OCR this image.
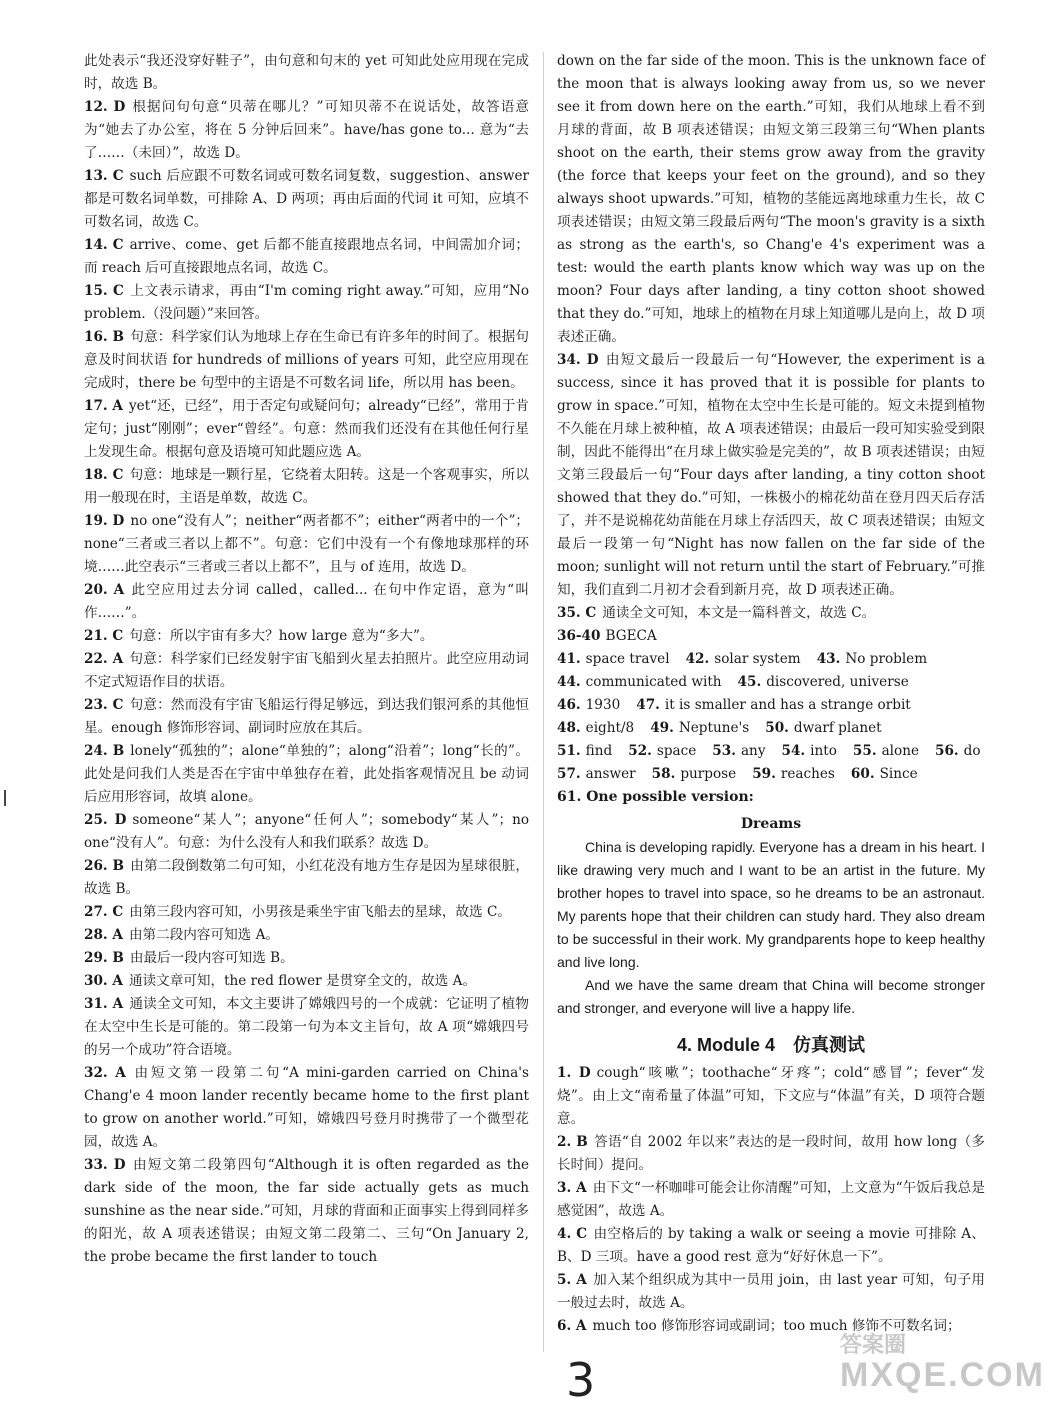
此处表示“我还没穿好鞋子”，由句意和句末的 yet 可知此处应用现在完成时，故选 B。

12. D 根据问句句意“贝蒂在哪儿？”可知贝蒂不在说话处，故答语意为“她去了办公室，将在 5 分钟后回来”。have/has gone to... 意为“去了……（未回）”，故选 D。

13. C such 后应跟不可数名词或可数名词复数，suggestion、answer 都是可数名词单数，可排除 A、D 两项；再由后面的代词 it 可知，应填不可数名词，故选 C。

14. C arrive、come、get 后都不能直接跟地点名词，中间需加介词；而 reach 后可直接跟地点名词，故选 C。

15. C 上文表示请求，再由“I'm coming right away.”可知，应用“No problem.（没问题）”来回答。

16. B 句意：科学家们认为地球上存在生命已有许多年的时间了。根据句意及时间状语 for hundreds of millions of years 可知，此空应用现在完成时，there be 句型中的主语是不可数名词 life，所以用 has been。

17. A yet“还，已经”，用于否定句或疑问句；already“已经”，常用于肯定句；just“刚刚”；ever“曾经”。句意：然而我们还没有在其他任何行星上发现生命。根据句意及语境可知此题应选 A。

18. C 句意：地球是一颗行星，它绕着太阳转。这是一个客观事实，所以用一般现在时，主语是单数，故选 C。

19. D no one“没有人”；neither“两者都不”；either“两者中的一个”；none“三者或三者以上都不”。句意：它们中没有一个有像地球那样的环境……此空表示“三者或三者以上都不”，且与 of 连用，故选 D。

20. A 此空应用过去分词 called，called... 在句中作定语，意为“叫作……”。

21. C 句意：所以宇宙有多大？how large 意为“多大”。

22. A 句意：科学家们已经发射宇宙飞船到火星去拍照片。此空应用动词不定式短语作目的状语。

23. C 句意：然而没有宇宙飞船运行得足够远，到达我们银河系的其他恒星。enough 修饰形容词、副词时应放在其后。

24. B lonely“孤独的”；alone“单独的”；along“沿着”；long“长的”。此处是问我们人类是否在宇宙中单独存在着，此处指客观情况且 be 动词后应用形容词，故填 alone。

25. D someone“某人”；anyone“任何人”；somebody“某人”；no one“没有人”。句意：为什么没有人和我们联系？故选 D。

26. B 由第二段倒数第二句可知，小红花没有地方生存是因为星球很脏，故选 B。

27. C 由第三段内容可知，小男孩是乘坐宇宙飞船去的星球，故选 C。

28. A 由第二段内容可知选 A。

29. B 由最后一段内容可知选 B。

30. A 通读文章可知，the red flower 是贯穿全文的，故选 A。

31. A 通读全文可知，本文主要讲了嫦娥四号的一个成就：它证明了植物在太空中生长是可能的。第二段第一句为本文主旨句，故 A 项“嫦娥四号的另一个成功”符合语境。

32. A 由短文第一段第二句“A mini-garden carried on China's Chang'e 4 moon lander recently became home to the first plant to grow on another world.”可知，嫦娥四号登月时携带了一个微型花园，故选 A。

33. D 由短文第二段第四句“Although it is often regarded as the dark side of the moon, the far side actually gets as much sunshine as the near side.”可知，月球的背面和正面事实上得到同样多的阳光，故 A 项表述错误；由短文第二段第二、三句“On January 2, the probe became the first lander to touch

down on the far side of the moon. This is the unknown face of the moon that is always looking away from us, so we never see it from down here on the earth.”可知，我们从地球上看不到月球的背面，故 B 项表述错误；由短文第三段第三句“When plants shoot on the earth, their stems grow away from the gravity (the force that keeps your feet on the ground), and so they always shoot upwards.”可知，植物的茎能远离地球重力生长，故 C 项表述错误；由短文第三段最后两句“The moon's gravity is a sixth as strong as the earth's, so Chang'e 4's experiment was a test: would the earth plants know which way was up on the moon? Four days after landing, a tiny cotton shoot showed that they do.”可知，地球上的植物在月球上知道哪儿是向上，故 D 项表述正确。

34. D 由短文最后一段最后一句“However, the experiment is a success, since it has proved that it is possible for plants to grow in space.”可知，植物在太空中生长是可能的。短文未提到植物不久能在月球上被种植，故 A 项表述错误；由最后一段可知实验受到限制，因此不能得出“在月球上做实验是完美的”，故 B 项表述错误；由短文第三段最后一句“Four days after landing, a tiny cotton shoot showed that they do.”可知，一株极小的棉花幼苗在登月四天后存活了，并不是说棉花幼苗能在月球上存活四天，故 C 项表述错误；由短文最后一段第一句“Night has now fallen on the far side of the moon; sunlight will not return until the start of February.”可推知，我们直到二月初才会看到新月亮，故 D 项表述正确。

35. C 通读全文可知，本文是一篇科普文，故选 C。

36-40 BGECA

41. space travel 42. solar system 43. No problem

44. communicated with 45. discovered, universe

46. 1930 47. it is smaller and has a strange orbit

48. eight/8 49. Neptune's 50. dwarf planet

51. find 52. space 53. any 54. into 55. alone 56. do

57. answer 58. purpose 59. reaches 60. Since

61. One possible version:

Dreams

China is developing rapidly. Everyone has a dream in his heart. I like drawing very much and I want to be an artist in the future. My brother hopes to travel into space, so he dreams to be an astronaut. My parents hope that their children can study hard. They also dream to be successful in their work. My grandparents hope to keep healthy and live long.

And we have the same dream that China will become stronger and stronger, and everyone will live a happy life.

4. Module 4　仿真测试

1. D cough“咳嗽”；toothache“牙疼”；cold“感冒”；fever“发烧”。由上文“南希量了体温”可知，下文应与“体温”有关，D 项符合题意。

2. B 答语“自 2002 年以来”表达的是一段时间，故用 how long（多长时间）提问。

3. A 由下文“一杯咖啡可能会让你清醒”可知，上文意为“午饭后我总是感觉困”，故选 A。

4. C 由空格后的 by taking a walk or seeing a movie 可排除 A、B、D 三项。have a good rest 意为“好好休息一下”。

5. A 加入某个组织成为其中一员用 join，由 last year 可知，句子用一般过去时，故选 A。

6. A much too 修饰形容词或副词；too much 修饰不可数名词；

3
答案圈
MXQE.COM
